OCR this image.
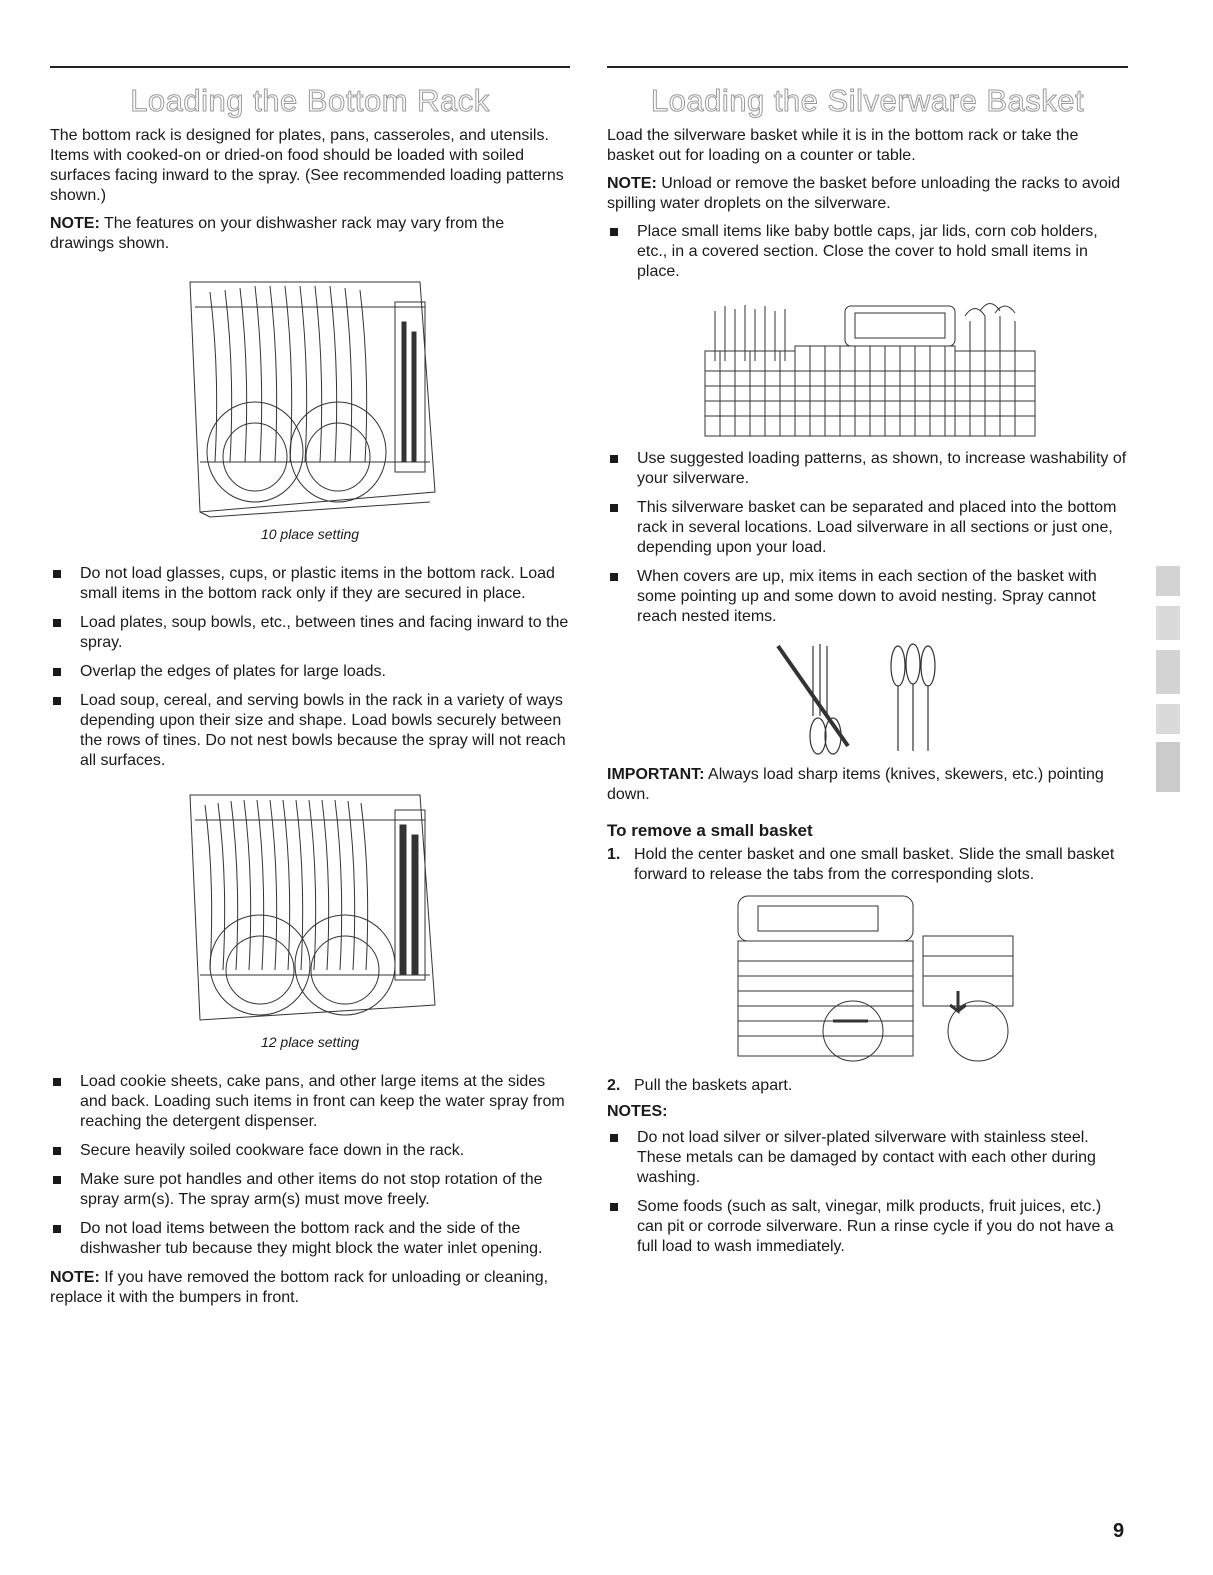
Loading the Bottom Rack

The bottom rack is designed for plates, pans, casseroles, and utensils. Items with cooked-on or dried-on food should be loaded with soiled surfaces facing inward to the spray. (See recommended loading patterns shown.)

NOTE: The features on your dishwasher rack may vary from the drawings shown.

10 place setting
Do not load glasses, cups, or plastic items in the bottom rack. Load small items in the bottom rack only if they are secured in place.
Load plates, soup bowls, etc., between tines and facing inward to the spray.
Overlap the edges of plates for large loads.
Load soup, cereal, and serving bowls in the rack in a variety of ways depending upon their size and shape. Load bowls securely between the rows of tines. Do not nest bowls because the spray will not reach all surfaces.
12 place setting
Load cookie sheets, cake pans, and other large items at the sides and back. Loading such items in front can keep the water spray from reaching the detergent dispenser.
Secure heavily soiled cookware face down in the rack.
Make sure pot handles and other items do not stop rotation of the spray arm(s). The spray arm(s) must move freely.
Do not load items between the bottom rack and the side of the dishwasher tub because they might block the water inlet opening.

NOTE: If you have removed the bottom rack for unloading or cleaning, replace it with the bumpers in front.

Loading the Silverware Basket

Load the silverware basket while it is in the bottom rack or take the basket out for loading on a counter or table.

NOTE: Unload or remove the basket before unloading the racks to avoid spilling water droplets on the silverware.

Place small items like baby bottle caps, jar lids, corn cob holders, etc., in a covered section. Close the cover to hold small items in place.
Use suggested loading patterns, as shown, to increase washability of your silverware.
This silverware basket can be separated and placed into the bottom rack in several locations. Load silverware in all sections or just one, depending upon your load.
When covers are up, mix items in each section of the basket with some pointing up and some down to avoid nesting. Spray cannot reach nested items.

IMPORTANT: Always load sharp items (knives, skewers, etc.) pointing down.

To remove a small basket
1. Hold the center basket and one small basket. Slide the small basket forward to release the tabs from the corresponding slots.
2. Pull the baskets apart.

NOTES:

Do not load silver or silver-plated silverware with stainless steel. These metals can be damaged by contact with each other during washing.
Some foods (such as salt, vinegar, milk products, fruit juices, etc.) can pit or corrode silverware. Run a rinse cycle if you do not have a full load to wash immediately.
9
